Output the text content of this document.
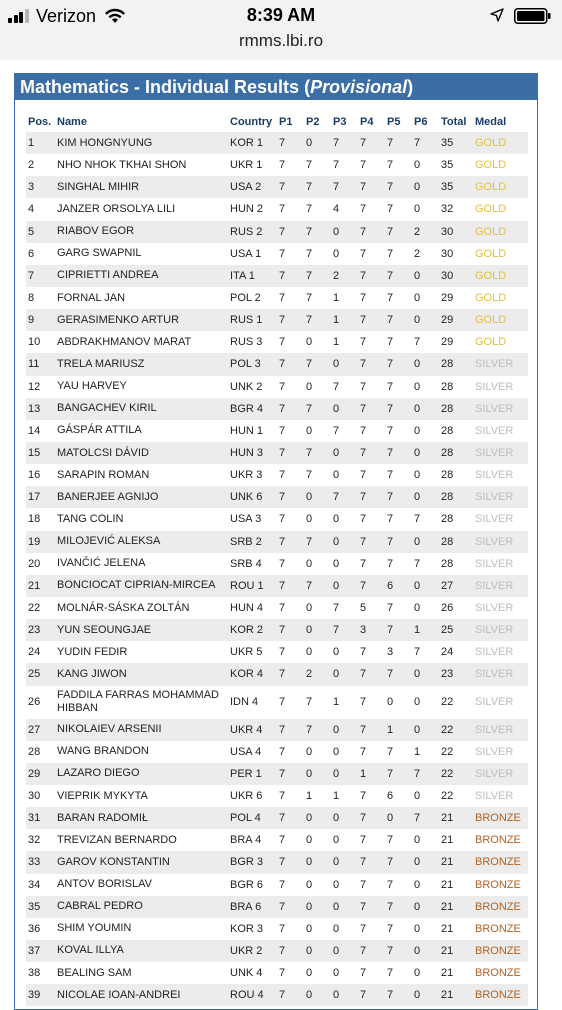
Verizon	8:39 AM
rmms.lbi.ro
Mathematics - Individual Results (Provisional)
Pos.	Name	Country	P1	P2	P3	P4	P5	P6	Total	Medal
1	KIM HONGNYUNG	KOR 1	7	0	7	7	7	7	35	GOLD
2	NHO NHOK TKHAI SHON	UKR 1	7	7	7	7	7	0	35	GOLD
3	SINGHAL MIHIR	USA 2	7	7	7	7	7	0	35	GOLD
4	JANZER ORSOLYA LILI	HUN 2	7	7	4	7	7	0	32	GOLD
5	RIABOV EGOR	RUS 2	7	7	0	7	7	2	30	GOLD
6	GARG SWAPNIL	USA 1	7	7	0	7	7	2	30	GOLD
7	CIPRIETTI ANDREA	ITA 1	7	7	2	7	7	0	30	GOLD
8	FORNAL JAN	POL 2	7	7	1	7	7	0	29	GOLD
9	GERASIMENKO ARTUR	RUS 1	7	7	1	7	7	0	29	GOLD
10	ABDRAKHMANOV MARAT	RUS 3	7	0	1	7	7	7	29	GOLD
11	TRELA MARIUSZ	POL 3	7	7	0	7	7	0	28	SILVER
12	YAU HARVEY	UNK 2	7	0	7	7	7	0	28	SILVER
13	BANGACHEV KIRIL	BGR 4	7	7	0	7	7	0	28	SILVER
14	GÁSPÁR ATTILA	HUN 1	7	0	7	7	7	0	28	SILVER
15	MATOLCSI DÁVID	HUN 3	7	7	0	7	7	0	28	SILVER
16	SARAPIN ROMAN	UKR 3	7	7	0	7	7	0	28	SILVER
17	BANERJEE AGNIJO	UNK 6	7	0	7	7	7	0	28	SILVER
18	TANG COLIN	USA 3	7	0	0	7	7	7	28	SILVER
19	MILOJEVIĆ ALEKSA	SRB 2	7	7	0	7	7	0	28	SILVER
20	IVANČIĆ JELENA	SRB 4	7	0	0	7	7	7	28	SILVER
21	BONCIOCAT CIPRIAN-MIRCEA	ROU 1	7	7	0	7	6	0	27	SILVER
22	MOLNÁR-SÁSKA ZOLTÁN	HUN 4	7	0	7	5	7	0	26	SILVER
23	YUN SEOUNGJAE	KOR 2	7	0	7	3	7	1	25	SILVER
24	YUDIN FEDIR	UKR 5	7	0	0	7	3	7	24	SILVER
25	KANG JIWON	KOR 4	7	2	0	7	7	0	23	SILVER
26	FADDILA FARRAS MOHAMMAD HIBBAN	IDN 4	7	7	1	7	0	0	22	SILVER
27	NIKOLAIEV ARSENII	UKR 4	7	7	0	7	1	0	22	SILVER
28	WANG BRANDON	USA 4	7	0	0	7	7	1	22	SILVER
29	LAZARO DIEGO	PER 1	7	0	0	1	7	7	22	SILVER
30	VIEPRIK MYKYTA	UKR 6	7	1	1	7	6	0	22	SILVER
31	BARAN RADOMIŁ	POL 4	7	0	0	7	0	7	21	BRONZE
32	TREVIZAN BERNARDO	BRA 4	7	0	0	7	7	0	21	BRONZE
33	GAROV KONSTANTIN	BGR 3	7	0	0	7	7	0	21	BRONZE
34	ANTOV BORISLAV	BGR 6	7	0	0	7	7	0	21	BRONZE
35	CABRAL PEDRO	BRA 6	7	0	0	7	7	0	21	BRONZE
36	SHIM YOUMIN	KOR 3	7	0	0	7	7	0	21	BRONZE
37	KOVAL ILLYA	UKR 2	7	0	0	7	7	0	21	BRONZE
38	BEALING SAM	UNK 4	7	0	0	7	7	0	21	BRONZE
39	NICOLAE IOAN-ANDREI	ROU 4	7	0	0	7	7	0	21	BRONZE
